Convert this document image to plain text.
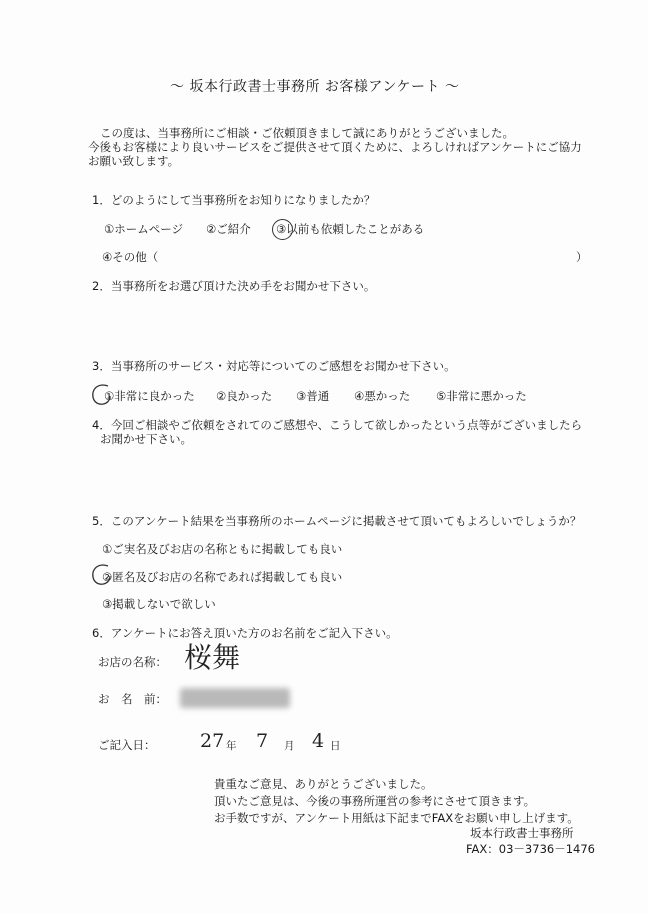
〜 坂本行政書士事務所 お客様アンケート 〜
この度は、当事務所にご相談・ご依頼頂きまして誠にありがとうございました。
今後もお客様により良いサービスをご提供させて頂くために、よろしければアンケートにご協力
お願い致します。
1．どのようにして当事務所をお知りになりましたか？
①ホームページ ②ご紹介 ③以前も依頼したことがある
④その他（	）
2．当事務所をお選び頂けた決め手をお聞かせ下さい。
3．当事務所のサービス・対応等についてのご感想をお聞かせ下さい。
①非常に良かった ②良かった ③普通 ④悪かった ⑤非常に悪かった
4．今回ご相談やご依頼をされてのご感想や、こうして欲しかったという点等がございましたら
お聞かせ下さい。
5．このアンケート結果を当事務所のホームページに掲載させて頂いてもよろしいでしょうか？
①ご実名及びお店の名称ともに掲載しても良い
②匿名及びお店の名称であれば掲載しても良い
③掲載しないで欲しい
6．アンケートにお答え頂いた方のお名前をご記入下さい。
お店の名称： 桜舞
お　名　前：
ご記入日： 27 年 7 月 4 日
貴重なご意見、ありがとうございました。
頂いたご意見は、今後の事務所運営の参考にさせて頂きます。
お手数ですが、アンケート用紙は下記までFAXをお願い申し上げます。
坂本行政書士事務所
FAX：03－3736－1476
